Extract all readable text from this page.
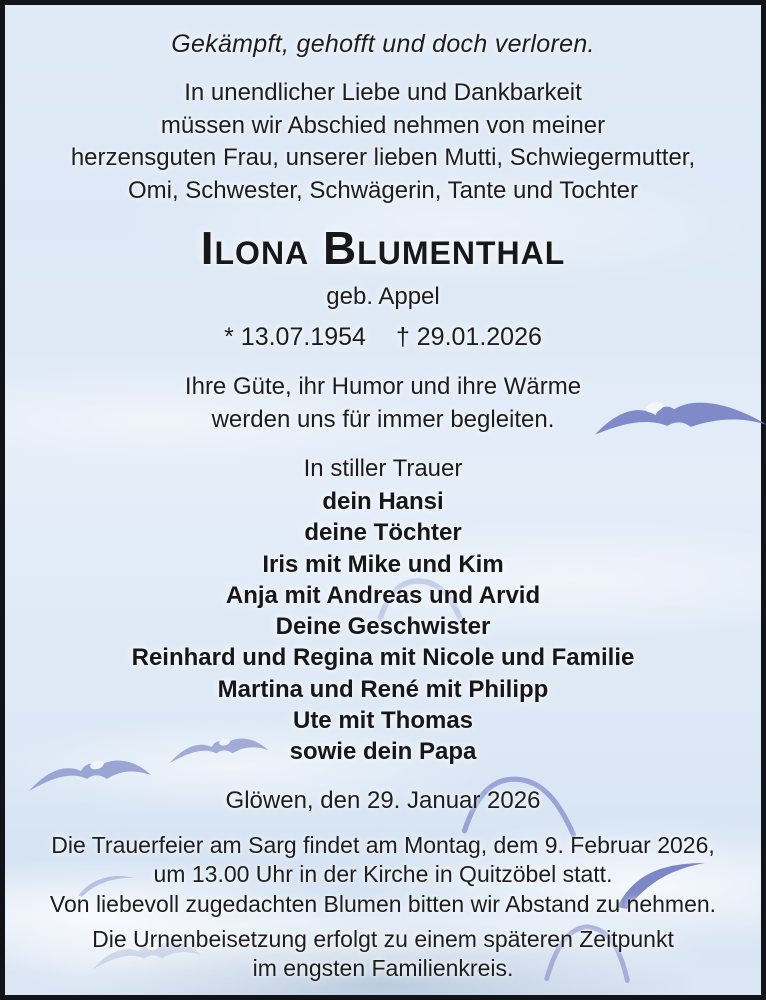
Gekämpft, gehofft und doch verloren.
In unendlicher Liebe und Dankbarkeit
müssen wir Abschied nehmen von meiner
herzensguten Frau, unserer lieben Mutti, Schwiegermutter,
Omi, Schwester, Schwägerin, Tante und Tochter
Ilona Blumenthal
geb. Appel
* 13.07.1954 † 29.01.2026
Ihre Güte, ihr Humor und ihre Wärme
werden uns für immer begleiten.
In stiller Trauer
dein Hansi
deine Töchter
Iris mit Mike und Kim
Anja mit Andreas und Arvid
Deine Geschwister
Reinhard und Regina mit Nicole und Familie
Martina und René mit Philipp
Ute mit Thomas
sowie dein Papa
Glöwen, den 29. Januar 2026
Die Trauerfeier am Sarg findet am Montag, dem 9. Februar 2026,
um 13.00 Uhr in der Kirche in Quitzöbel statt.
Von liebevoll zugedachten Blumen bitten wir Abstand zu nehmen.
Die Urnenbeisetzung erfolgt zu einem späteren Zeitpunkt
im engsten Familienkreis.
